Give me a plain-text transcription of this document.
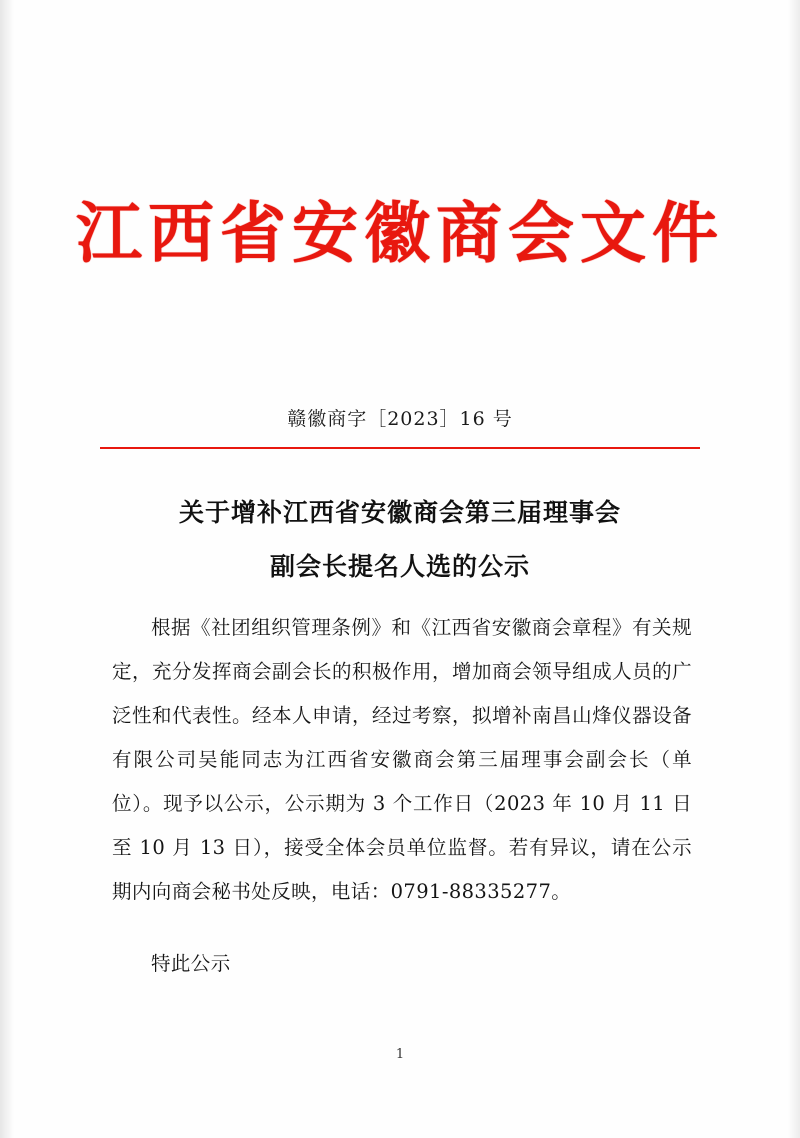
江西省安徽商会文件
赣徽商字［2023］16 号
关于增补江西省安徽商会第三届理事会
副会长提名人选的公示

根据《社团组织管理条例》和《江西省安徽商会章程》有关规定，充分发挥商会副会长的积极作用，增加商会领导组成人员的广泛性和代表性。经本人申请，经过考察，拟增补南昌山烽仪器设备有限公司吴能同志为江西省安徽商会第三届理事会副会长（单位）。现予以公示，公示期为 3 个工作日（2023 年 10 月 11 日至 10 月 13 日），接受全体会员单位监督。若有异议，请在公示期内向商会秘书处反映，电话：0791-88335277。

特此公示

1
